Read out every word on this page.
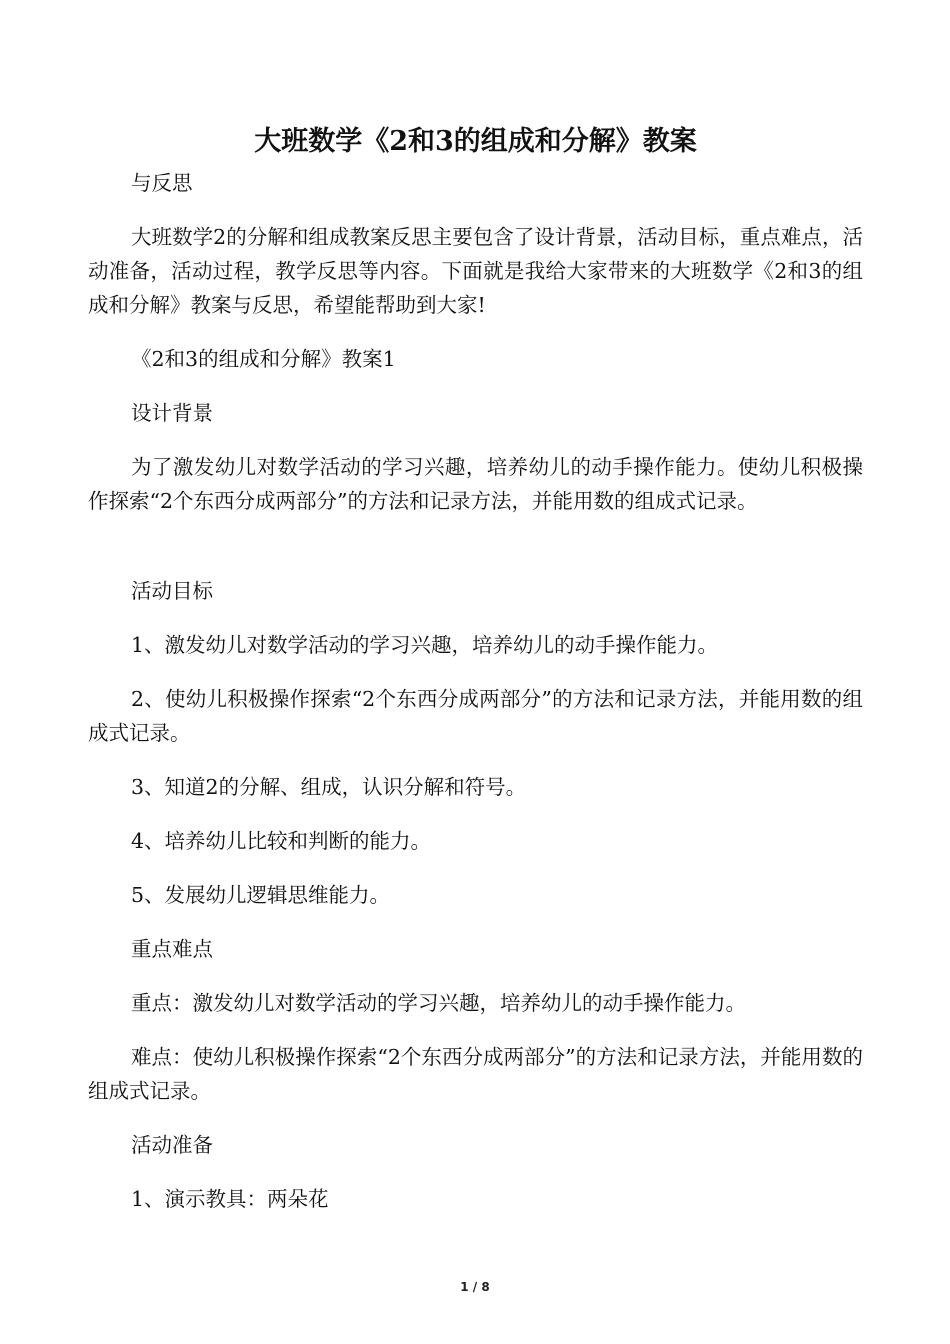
大班数学《2和3的组成和分解》教案

与反思

大班数学2的分解和组成教案反思主要包含了设计背景，活动目标，重点难点，活动准备，活动过程，教学反思等内容。下面就是我给大家带来的大班数学《2和3的组成和分解》教案与反思，希望能帮助到大家!

《2和3的组成和分解》教案1

设计背景

为了激发幼儿对数学活动的学习兴趣，培养幼儿的动手操作能力。使幼儿积极操作探索“2个东西分成两部分”的方法和记录方法，并能用数的组成式记录。

活动目标

1、激发幼儿对数学活动的学习兴趣，培养幼儿的动手操作能力。

2、使幼儿积极操作探索“2个东西分成两部分”的方法和记录方法，并能用数的组成式记录。

3、知道2的分解、组成，认识分解和符号。

4、培养幼儿比较和判断的能力。

5、发展幼儿逻辑思维能力。

重点难点

重点：激发幼儿对数学活动的学习兴趣，培养幼儿的动手操作能力。

难点：使幼儿积极操作探索“2个东西分成两部分”的方法和记录方法，并能用数的组成式记录。

活动准备

1、演示教具：两朵花

1 / 8
